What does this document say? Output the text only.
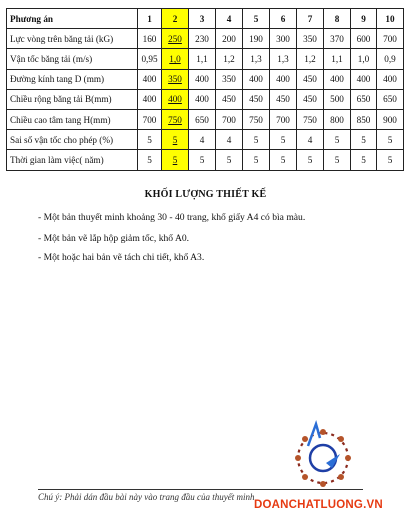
Phương án	1	2	3	4	5	6	7	8	9	10
Lực vòng trên băng tải (kG)	160	250	230	200	190	300	350	370	600	700
Vận tốc băng tải (m/s)	0,95	1,0	1,1	1,2	1,3	1,3	1,2	1,1	1,0	0,9
Đường kính tang D (mm)	400	350	400	350	400	400	450	400	400	400
Chiều rộng băng tải B(mm)	400	400	400	450	450	450	450	500	650	650
Chiều cao tâm tang H(mm)	700	750	650	700	750	700	750	800	850	900
Sai số vận tốc cho phép (%)	5	5	4	4	5	5	4	5	5	5
Thời gian làm việc( năm)	5	5	5	5	5	5	5	5	5	5
KHỐI LƯỢNG THIẾT KẾ
- Một bản thuyết minh khoảng 30 - 40 trang, khổ giấy A4 có bìa màu.
- Một bản vẽ lắp hộp giảm tốc, khổ A0.
- Một hoặc hai bản vẽ tách chi tiết, khổ A3.
Chú ý: Phải dán đầu bài này vào trang đầu của thuyết minh
DOANCHATLUONG.VN
